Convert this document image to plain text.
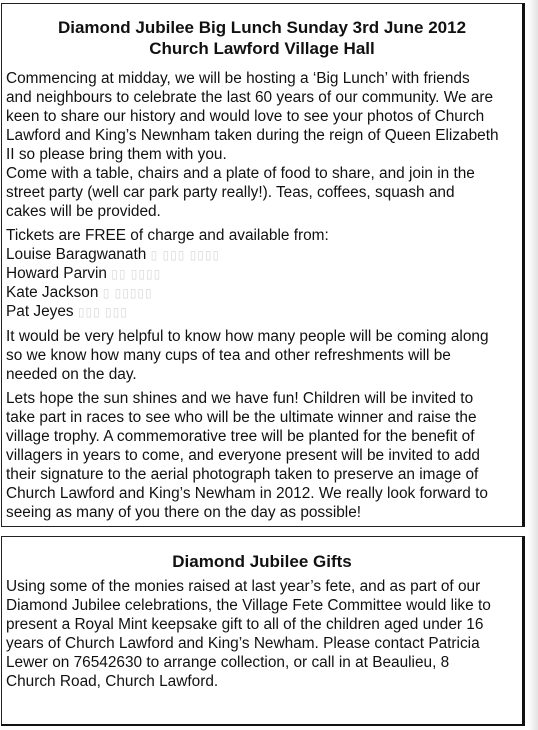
Diamond Jubilee Big Lunch Sunday 3rd June 2012
Church Lawford Village Hall
Commencing at midday, we will be hosting a ‘Big Lunch’ with friends
and neighbours to celebrate the last 60 years of our community. We are
keen to share our history and would love to see your photos of Church
Lawford and King’s Newnham taken during the reign of Queen Elizabeth
II so please bring them with you.
Come with a table, chairs and a plate of food to share, and join in the
street party (well car park party really!). Teas, coffees, squash and
cakes will be provided.
Tickets are FREE of charge and available from:
Louise Baragwanath ▯ ▯▯▯ ▯▯▯▯
Howard Parvin ▯▯ ▯▯▯▯
Kate Jackson ▯ ▯▯▯▯▯
Pat Jeyes ▯▯▯ ▯▯▯
It would be very helpful to know how many people will be coming along
so we know how many cups of tea and other refreshments will be
needed on the day.
Lets hope the sun shines and we have fun! Children will be invited to
take part in races to see who will be the ultimate winner and raise the
village trophy. A commemorative tree will be planted for the benefit of
villagers in years to come, and everyone present will be invited to add
their signature to the aerial photograph taken to preserve an image of
Church Lawford and King’s Newham in 2012. We really look forward to
seeing as many of you there on the day as possible!
Diamond Jubilee Gifts
Using some of the monies raised at last year’s fete, and as part of our
Diamond Jubilee celebrations, the Village Fete Committee would like to
present a Royal Mint keepsake gift to all of the children aged under 16
years of Church Lawford and King’s Newham. Please contact Patricia
Lewer on 76542630 to arrange collection, or call in at Beaulieu, 8
Church Road, Church Lawford.
